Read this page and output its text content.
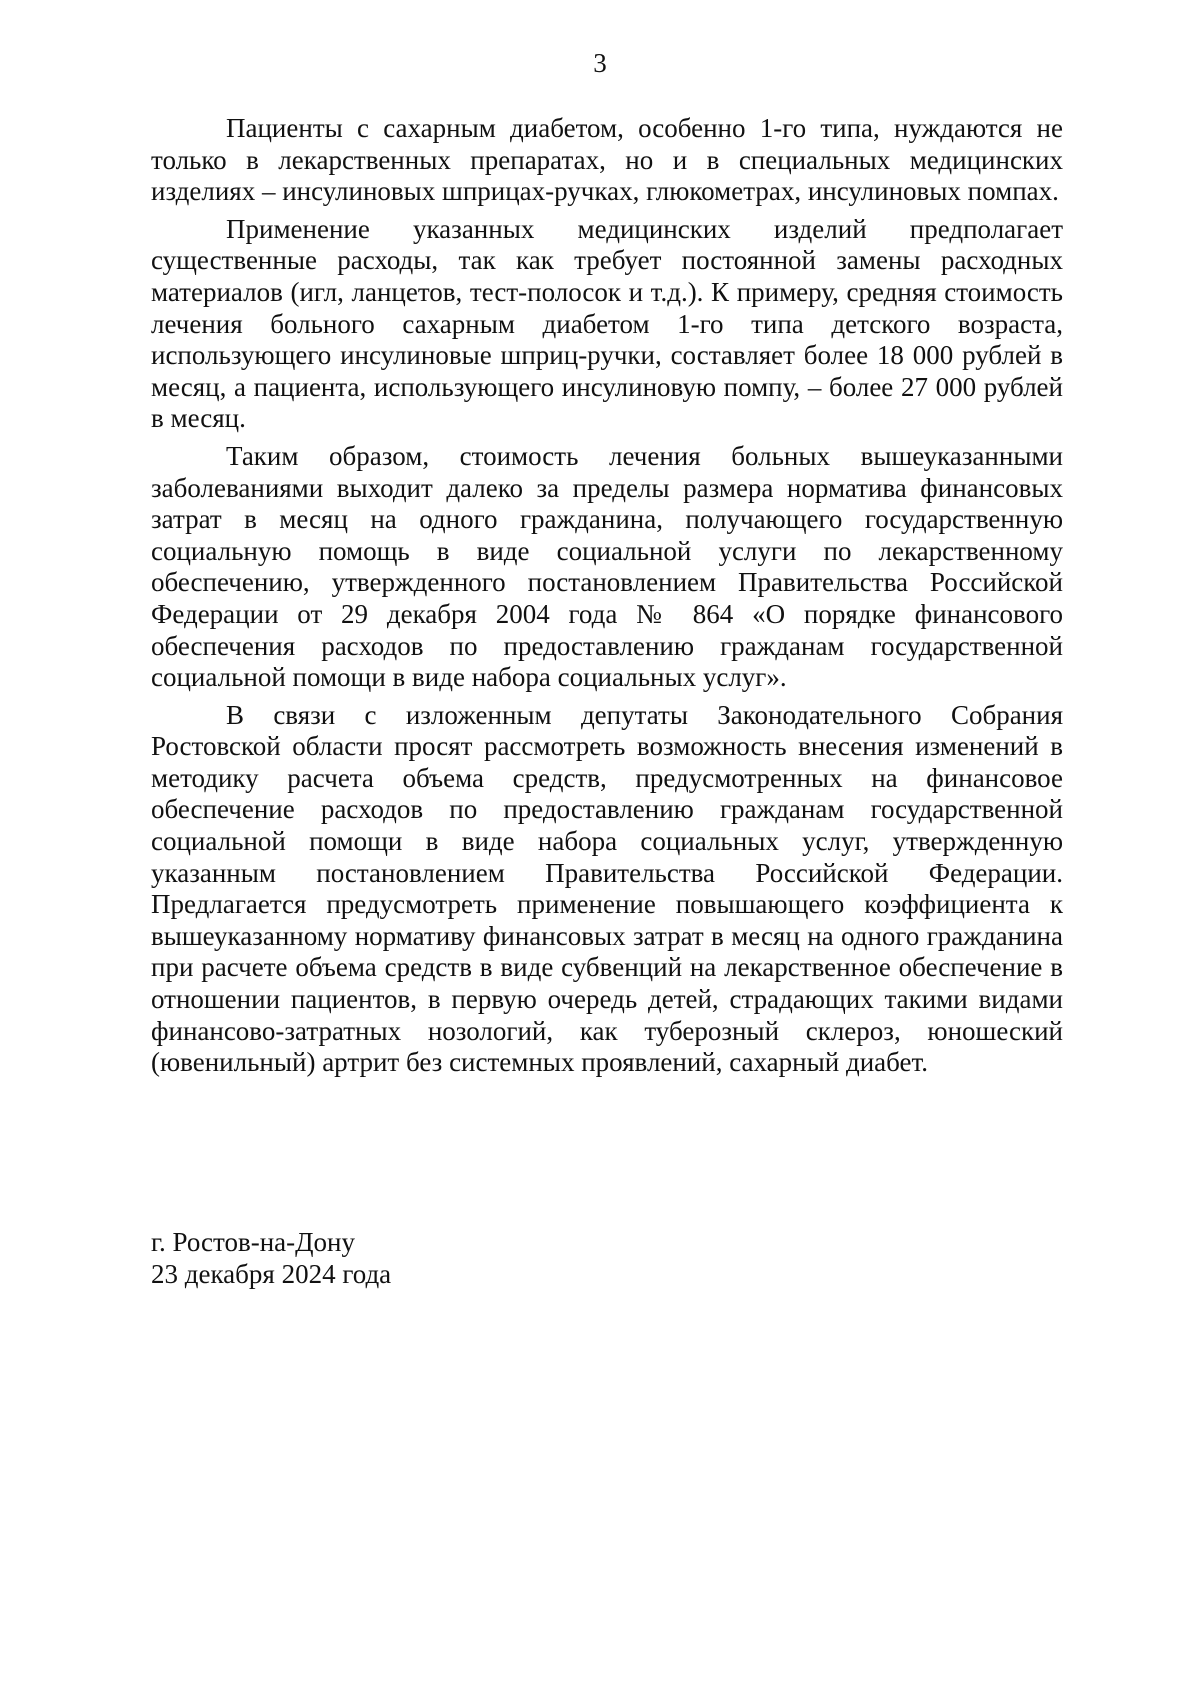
3

Пациенты с сахарным диабетом, особенно 1-го типа, нуждаются не только в лекарственных препаратах, но и в специальных медицинских изделиях – инсулиновых шприцах-ручках, глюкометрах, инсулиновых помпах.

Применение указанных медицинских изделий предполагает существенные расходы, так как требует постоянной замены расходных материалов (игл, ланцетов, тест-полосок и т.д.). К примеру, средняя стоимость лечения больного сахарным диабетом 1-го типа детского возраста, использующего инсулиновые шприц-ручки, составляет более 18 000 рублей в месяц, а пациента, использующего инсулиновую помпу, – более 27 000 рублей в месяц.

Таким образом, стоимость лечения больных вышеуказанными заболеваниями выходит далеко за пределы размера норматива финансовых затрат в месяц на одного гражданина, получающего государственную социальную помощь в виде социальной услуги по лекарственному обеспечению, утвержденного постановлением Правительства Российской Федерации от 29 декабря 2004 года № 864 «О порядке финансового обеспечения расходов по предоставлению гражданам государственной социальной помощи в виде набора социальных услуг».

В связи с изложенным депутаты Законодательного Собрания Ростовской области просят рассмотреть возможность внесения изменений в методику расчета объема средств, предусмотренных на финансовое обеспечение расходов по предоставлению гражданам государственной социальной помощи в виде набора социальных услуг, утвержденную указанным постановлением Правительства Российской Федерации. Предлагается предусмотреть применение повышающего коэффициента к вышеуказанному нормативу финансовых затрат в месяц на одного гражданина при расчете объема средств в виде субвенций на лекарственное обеспечение в отношении пациентов, в первую очередь детей, страдающих такими видами финансово-затратных нозологий, как туберозный склероз, юношеский (ювенильный) артрит без системных проявлений, сахарный диабет.

г. Ростов-на-Дону
23 декабря 2024 года
